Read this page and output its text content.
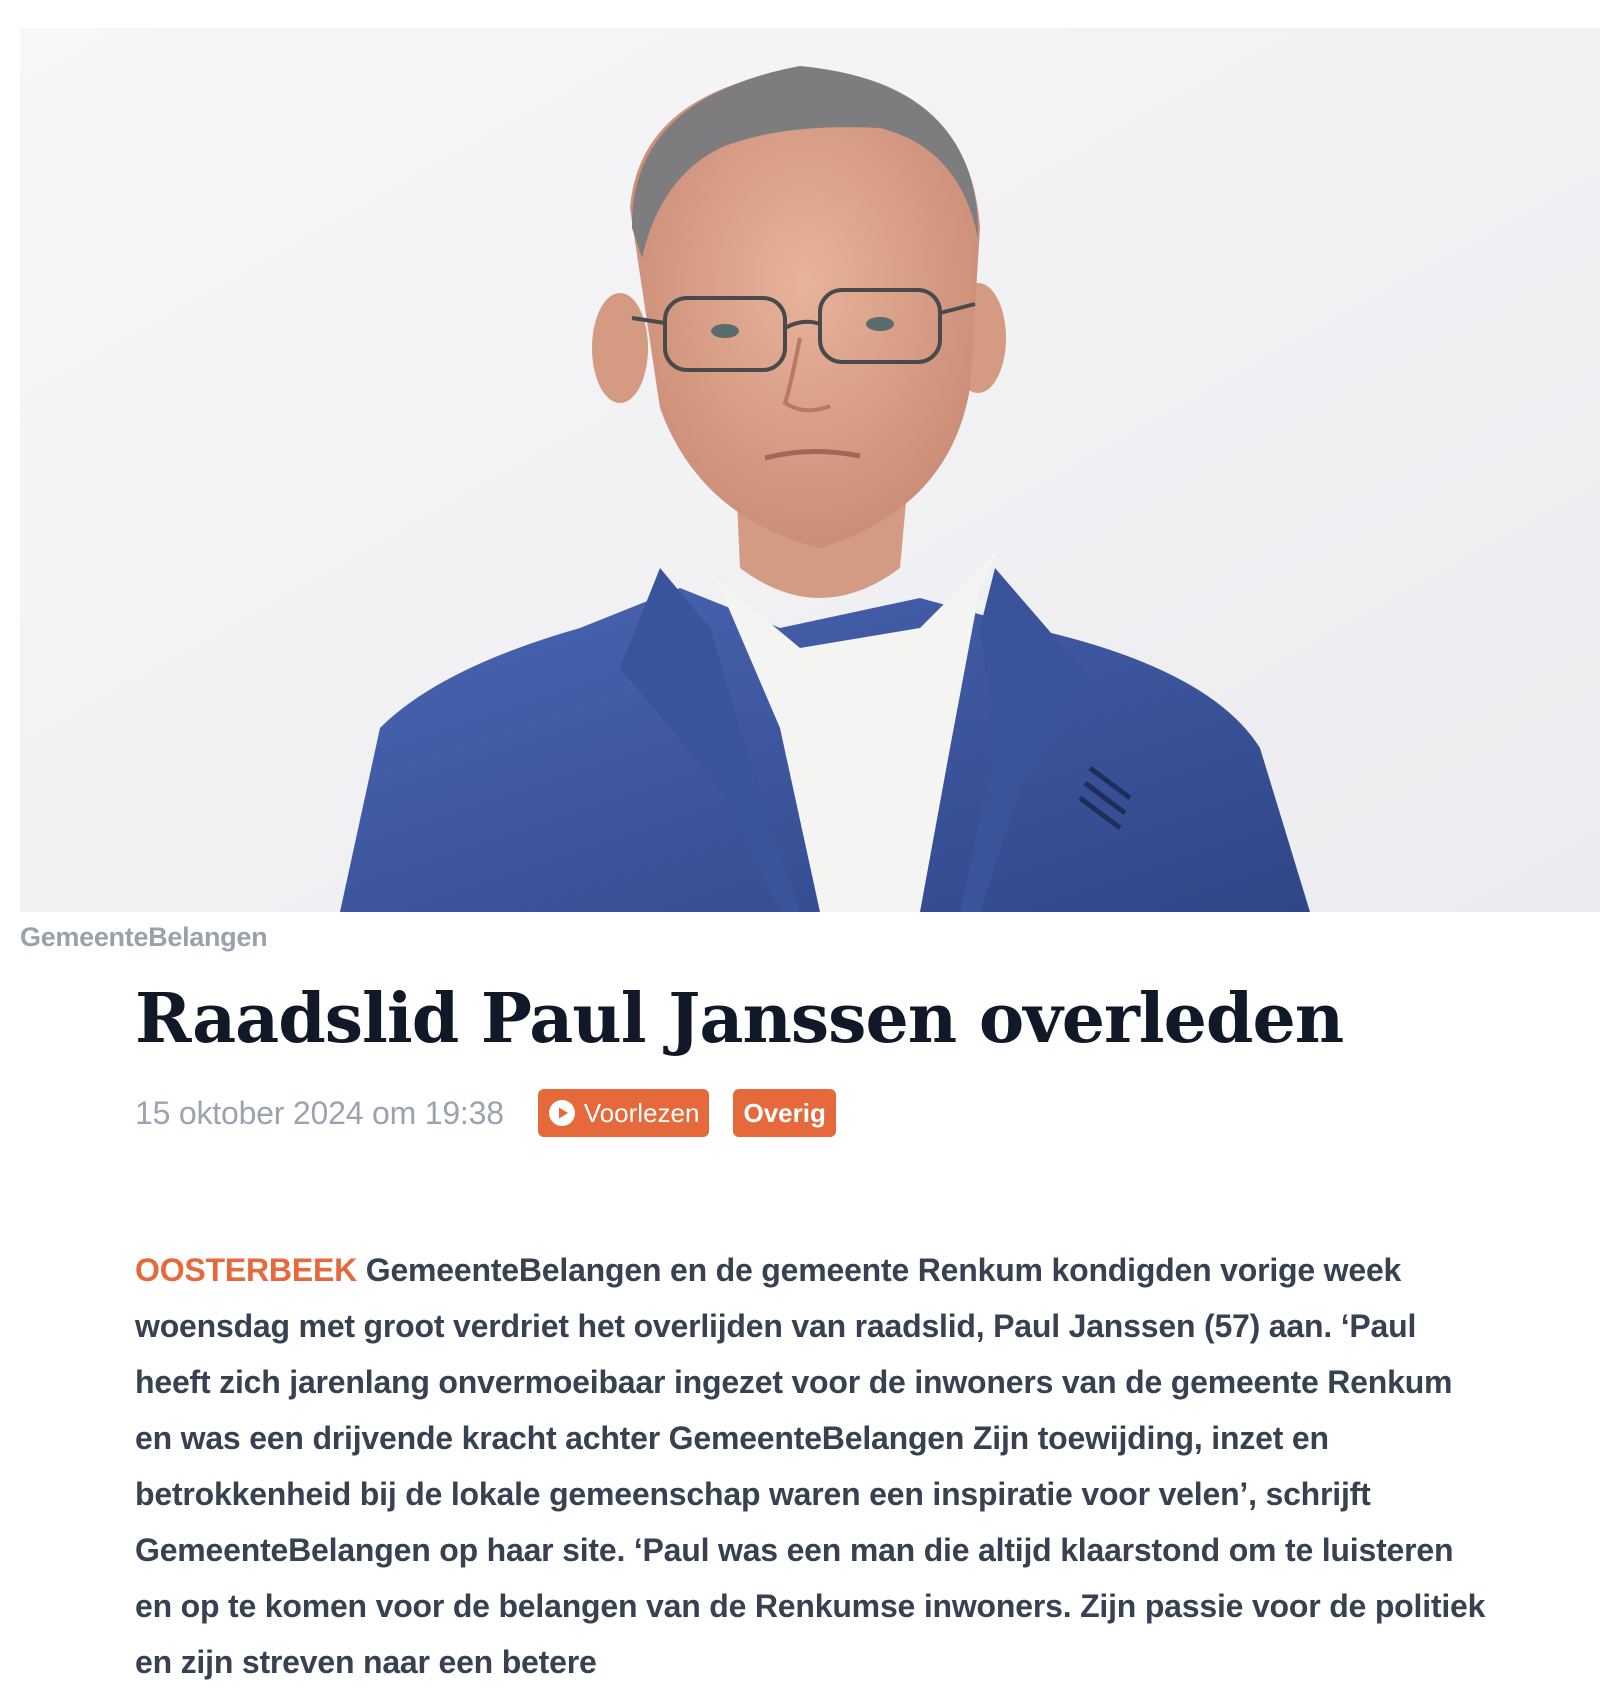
GemeenteBelangen
Raadslid Paul Janssen overleden
15 oktober 2024 om 19:38	Voorlezen Overig
OOSTERBEEK GemeenteBelangen en de gemeente Renkum kondigden vorige week woensdag met groot verdriet het overlijden van raadslid, Paul Janssen (57) aan. ‘Paul heeft zich jarenlang onvermoeibaar ingezet voor de inwoners van de gemeente Renkum en was een drijvende kracht achter GemeenteBelangen Zijn toewijding, inzet en betrokkenheid bij de lokale gemeenschap waren een inspiratie voor velen’, schrijft GemeenteBelangen op haar site. ‘Paul was een man die altijd klaarstond om te luisteren en op te komen voor de belangen van de Renkumse inwoners. Zijn passie voor de politiek en zijn streven naar een betere
